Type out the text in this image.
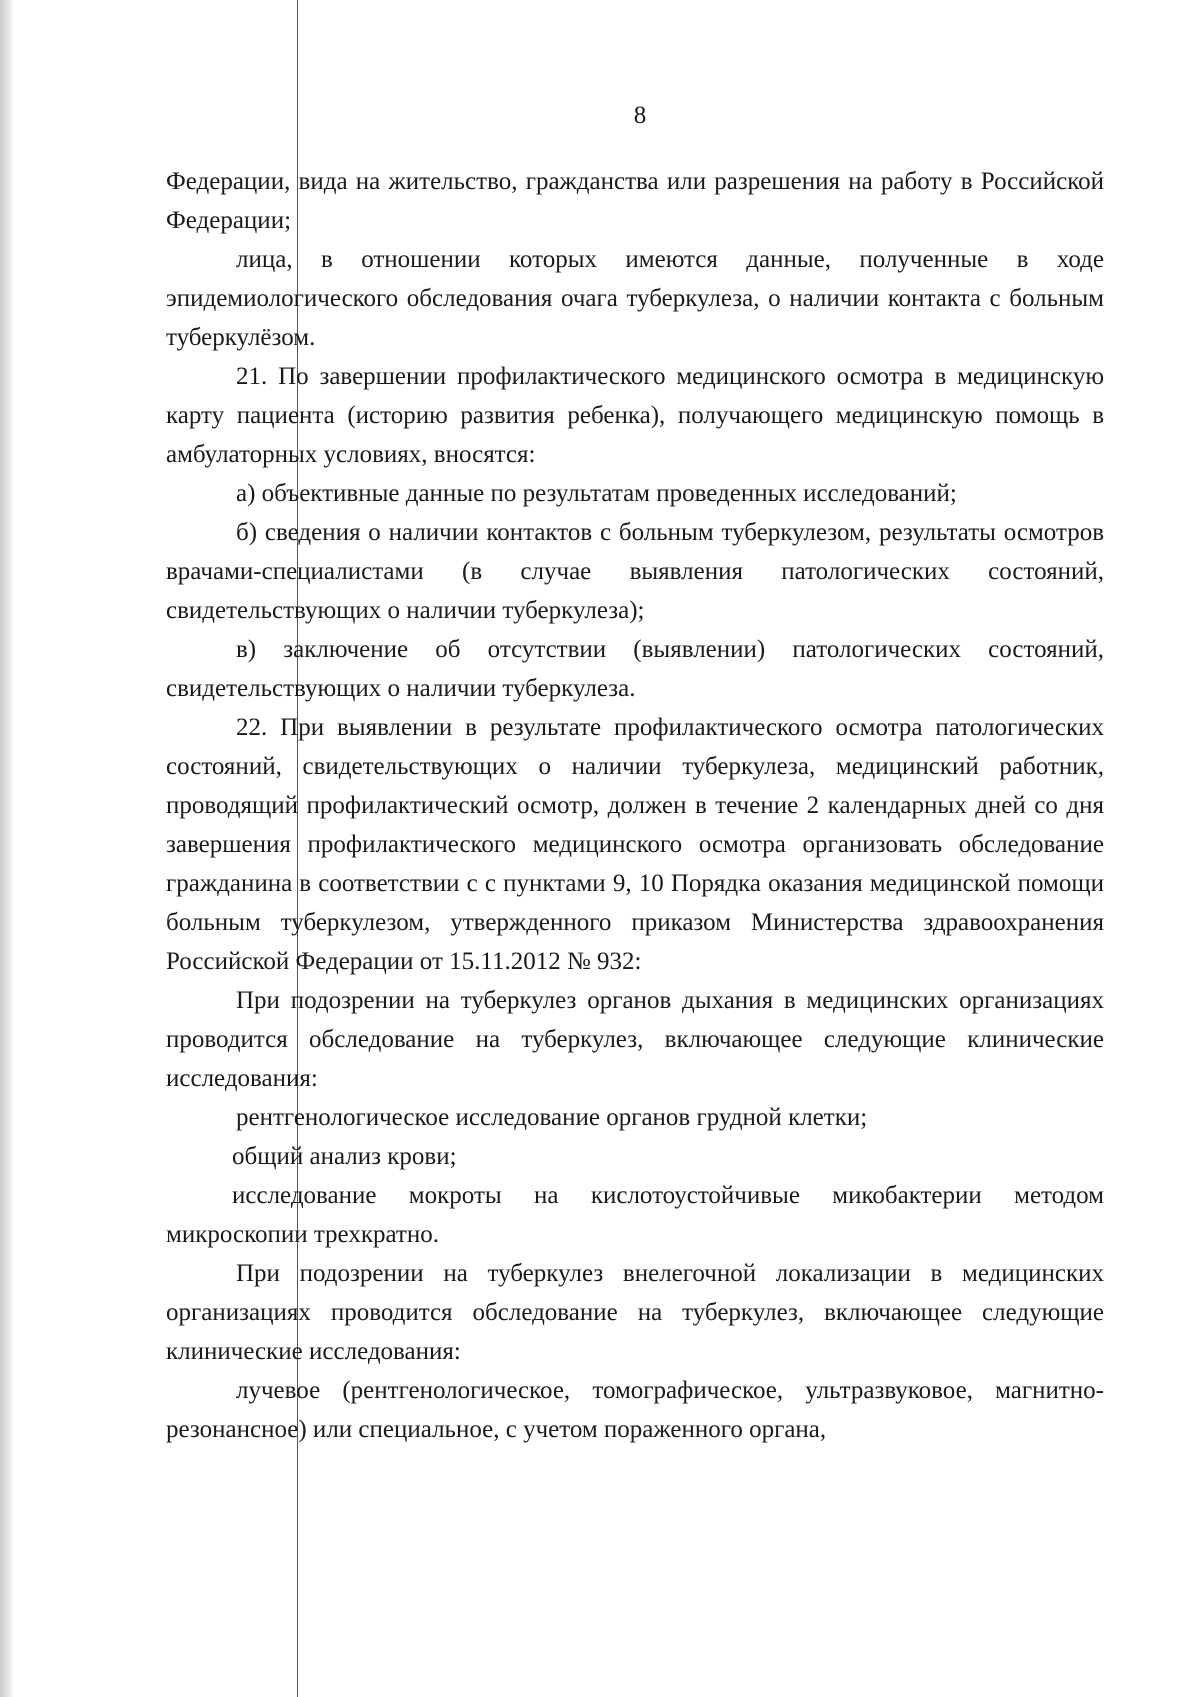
8

Федерации, вида на жительство, гражданства или разрешения на работу в Российской Федерации;

лица, в отношении которых имеются данные, полученные в ходе эпидемиологического обследования очага туберкулеза, о наличии контакта с больным туберкулёзом.

21. По завершении профилактического медицинского осмотра в медицинскую карту пациента (историю развития ребенка), получающего медицинскую помощь в амбулаторных условиях, вносятся:

а) объективные данные по результатам проведенных исследований;

б) сведения о наличии контактов с больным туберкулезом, результаты осмотров врачами-специалистами (в случае выявления патологических состояний, свидетельствующих о наличии туберкулеза);

в) заключение об отсутствии (выявлении) патологических состояний, свидетельствующих о наличии туберкулеза.

22. При выявлении в результате профилактического осмотра патологических состояний, свидетельствующих о наличии туберкулеза, медицинский работник, проводящий профилактический осмотр, должен в течение 2 календарных дней со дня завершения профилактического медицинского осмотра организовать обследование гражданина в соответствии с с пунктами 9, 10 Порядка оказания медицинской помощи больным туберкулезом, утвержденного приказом Министерства здравоохранения Российской Федерации от 15.11.2012 № 932:

При подозрении на туберкулез органов дыхания в медицинских организациях проводится обследование на туберкулез, включающее следующие клинические исследования:

рентгенологическое исследование органов грудной клетки;

общий анализ крови;

исследование мокроты на кислотоустойчивые микобактерии методом микроскопии трехкратно.

При подозрении на туберкулез внелегочной локализации в медицинских организациях проводится обследование на туберкулез, включающее следующие клинические исследования:

лучевое (рентгенологическое, томографическое, ультразвуковое, магнитно-резонансное) или специальное, с учетом пораженного органа,
